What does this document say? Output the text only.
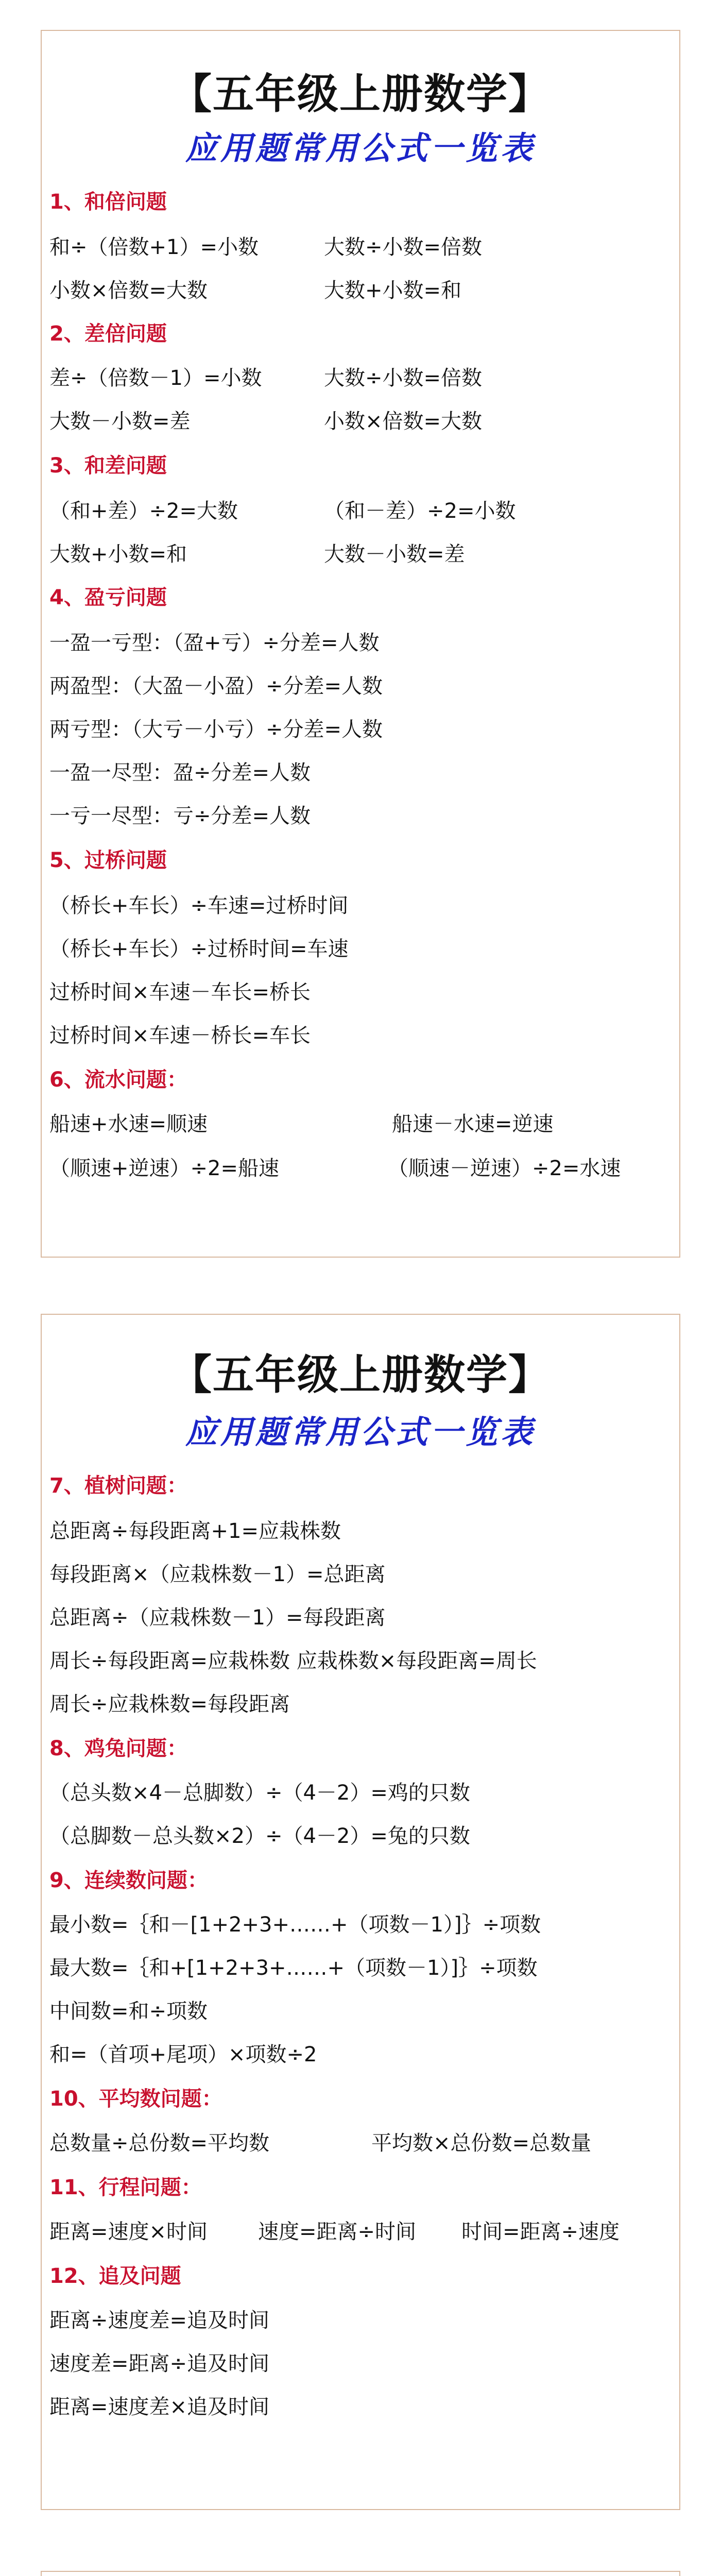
【五年级上册数学】
应用题常用公式一览表
1、和倍问题
和÷（倍数+1）=小数	大数÷小数=倍数
小数×倍数=大数	大数+小数=和
2、差倍问题
差÷（倍数－1）=小数	大数÷小数=倍数
大数－小数=差	小数×倍数=大数
3、和差问题
（和+差）÷2=大数	（和－差）÷2=小数
大数+小数=和	大数－小数=差
4、盈亏问题
一盈一亏型：（盈+亏）÷分差=人数
两盈型：（大盈－小盈）÷分差=人数
两亏型：（大亏－小亏）÷分差=人数
一盈一尽型：盈÷分差=人数
一亏一尽型：亏÷分差=人数
5、过桥问题
（桥长+车长）÷车速=过桥时间
（桥长+车长）÷过桥时间=车速
过桥时间×车速－车长=桥长
过桥时间×车速－桥长=车长
6、流水问题：
船速+水速=顺速	船速－水速=逆速
（顺速+逆速）÷2=船速	（顺速－逆速）÷2=水速
【五年级上册数学】
应用题常用公式一览表
7、植树问题：
总距离÷每段距离+1=应栽株数
每段距离×（应栽株数－1）=总距离
总距离÷（应栽株数－1）=每段距离
周长÷每段距离=应栽株数 应栽株数×每段距离=周长
周长÷应栽株数=每段距离
8、鸡兔问题：
（总头数×4－总脚数）÷（4－2）=鸡的只数
（总脚数－总头数×2）÷（4－2）=兔的只数
9、连续数问题：
最小数=｛和－[1+2+3+……+（项数－1）]｝÷项数
最大数=｛和+[1+2+3+……+（项数－1）]｝÷项数
中间数=和÷项数
和=（首项+尾项）×项数÷2
10、平均数问题：
总数量÷总份数=平均数	平均数×总份数=总数量
11、行程问题：
距离=速度×时间 速度=距离÷时间 时间=距离÷速度
12、追及问题
距离÷速度差=追及时间
速度差=距离÷追及时间
距离=速度差×追及时间
